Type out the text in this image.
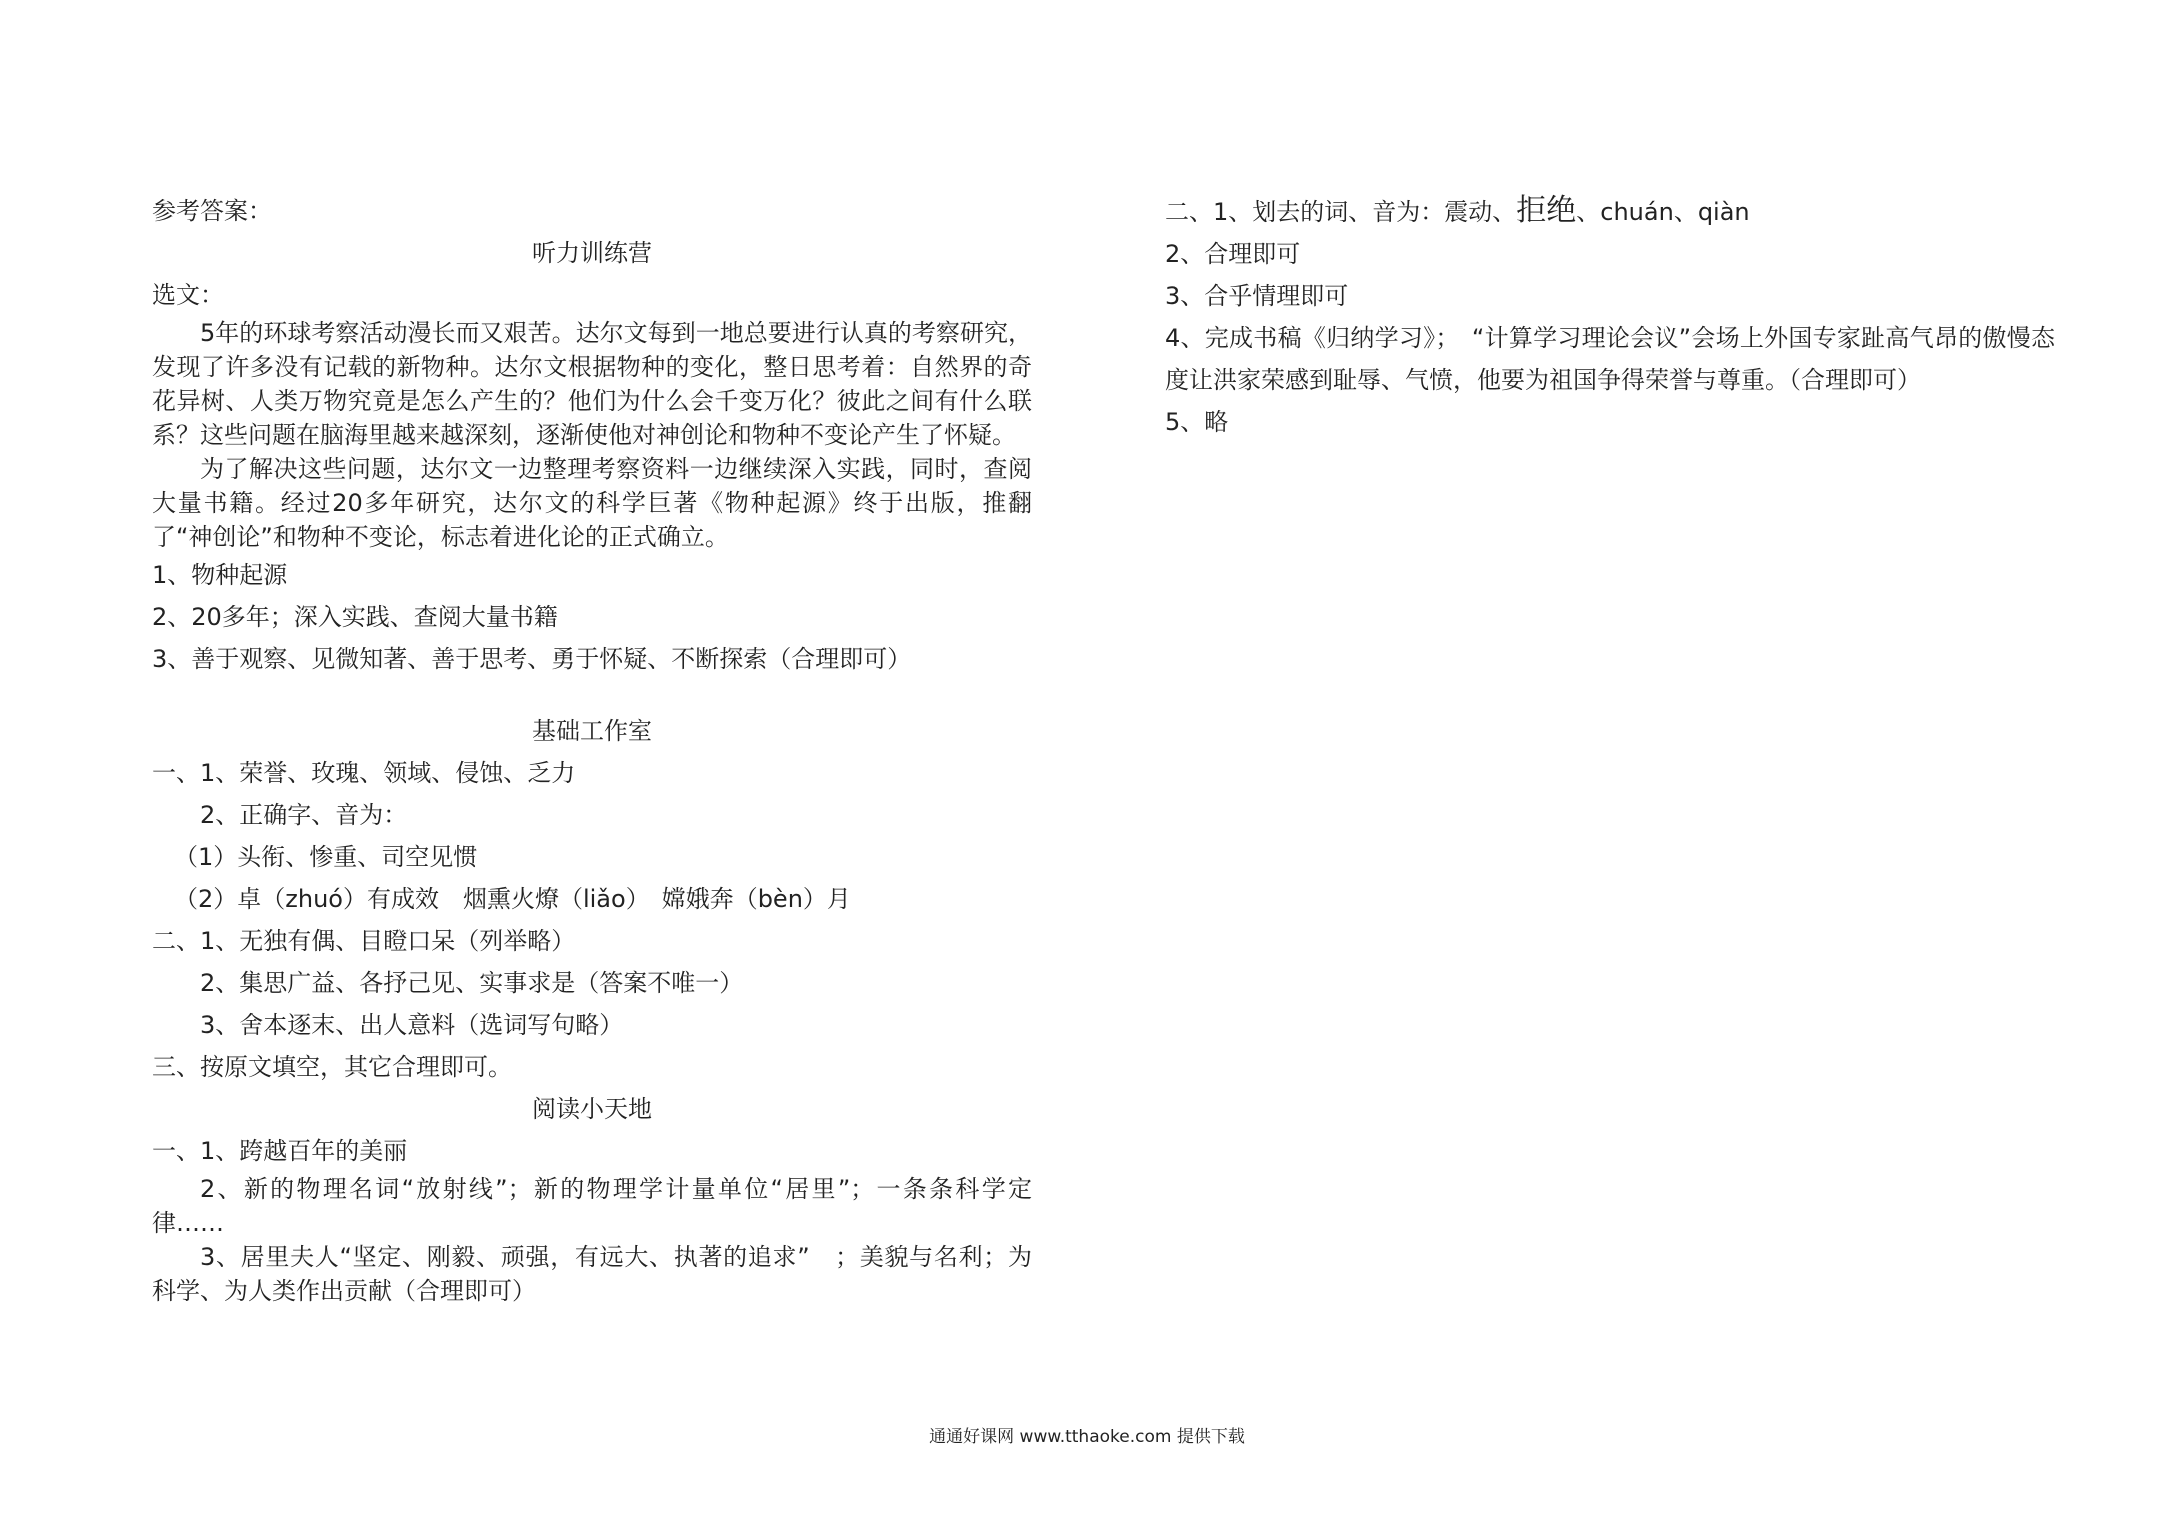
参考答案：
听力训练营
选文：

5年的环球考察活动漫长而又艰苦。达尔文每到一地总要进行认真的考察研究，发现了许多没有记载的新物种。达尔文根据物种的变化，整日思考着：自然界的奇花异树、人类万物究竟是怎么产生的？他们为什么会千变万化？彼此之间有什么联系？这些问题在脑海里越来越深刻，逐渐使他对神创论和物种不变论产生了怀疑。

为了解决这些问题，达尔文一边整理考察资料一边继续深入实践，同时，查阅大量书籍。经过20多年研究，达尔文的科学巨著《物种起源》终于出版，推翻了“神创论”和物种不变论，标志着进化论的正式确立。

1、物种起源
2、20多年；深入实践、查阅大量书籍
3、善于观察、见微知著、善于思考、勇于怀疑、不断探索（合理即可）
基础工作室
一、1、荣誉、玫瑰、领域、侵蚀、乏力
2、正确字、音为：
（1）头衔、惨重、司空见惯
（2）卓（zhuó）有成效　烟熏火燎（liǎo）　嫦娥奔（bèn）月
二、1、无独有偶、目瞪口呆（列举略）
2、集思广益、各抒己见、实事求是（答案不唯一）
3、舍本逐末、出人意料（选词写句略）
三、按原文填空，其它合理即可。
阅读小天地
一、1、跨越百年的美丽

2、新的物理名词“放射线”；新的物理学计量单位“居里”；一条条科学定律……

3、居里夫人“坚定、刚毅、顽强，有远大、执著的追求”　；美貌与名利；为科学、为人类作出贡献（合理即可）

二、1、划去的词、音为：震动、拒绝、chuán、qiàn
2、合理即可
3、合乎情理即可
4、完成书稿《归纳学习》；　“计算学习理论会议”会场上外国专家趾高气昂的傲慢态度让洪家荣感到耻辱、气愤，他要为祖国争得荣誉与尊重。（合理即可）
5、略
通通好课网 www.tthaoke.com 提供下载
